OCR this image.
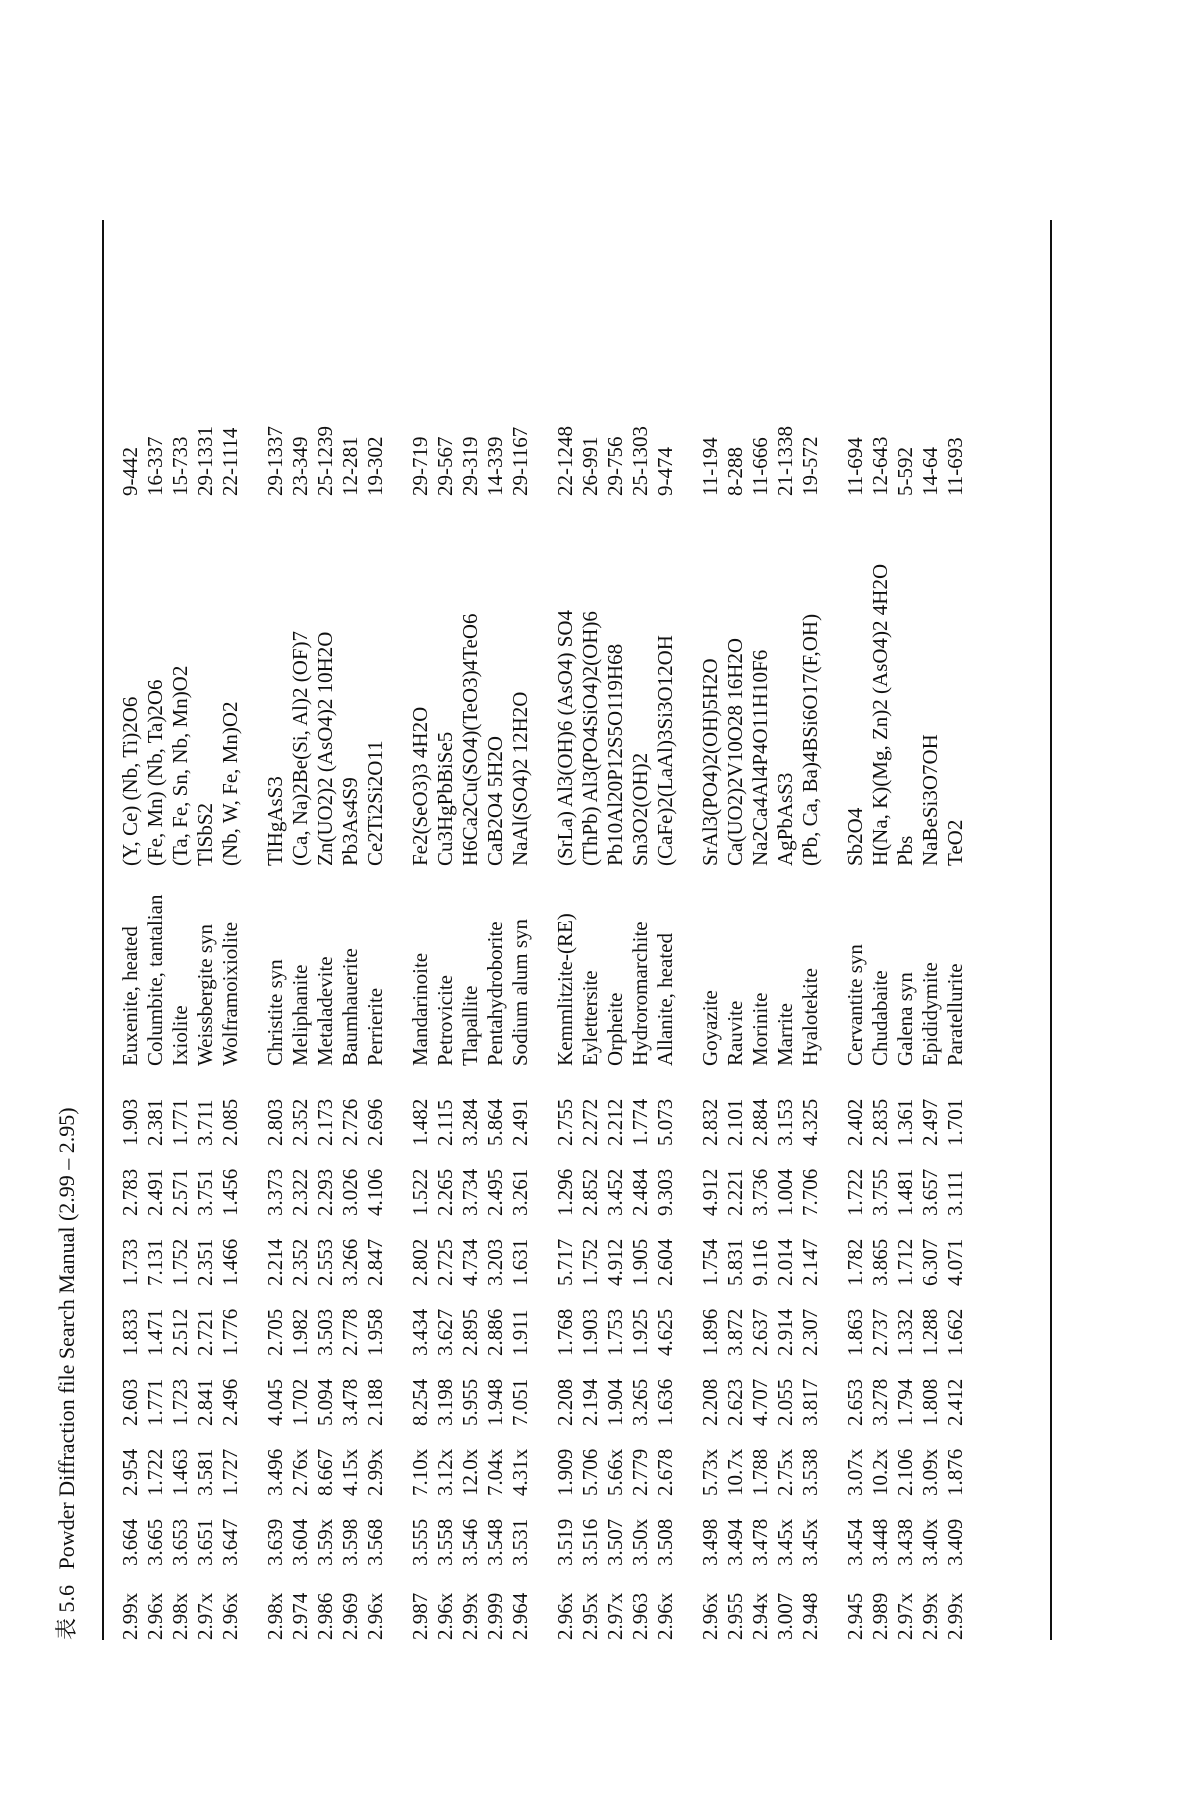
表 5.6 Powder Diffraction file Search Manual (2.99 – 2.95)
2.99x
3.664
2.954
2.603
1.833
1.733
2.783
1.903
Euxenite, heated
(Y, Ce) (Nb, Ti)2O6
9-442
2.96x
3.665
1.722
1.771
1.471
7.131
2.491
2.381
Columbite, tantalian
(Fe, Mn) (Nb, Ta)2O6
16-337
2.98x
3.653
1.463
1.723
2.512
1.752
2.571
1.771
Ixiolite
(Ta, Fe, Sn, Nb, Mn)O2
15-733
2.97x
3.651
3.581
2.841
2.721
2.351
3.751
3.711
Weissbergite syn
TlSbS2
29-1331
2.96x
3.647
1.727
2.496
1.776
1.466
1.456
2.085
Wolframoixiolite
(Nb, W, Fe, Mn)O2
22-1114
2.98x
3.639
3.496
4.045
2.705
2.214
3.373
2.803
Christite syn
TlHgAsS3
29-1337
2.974
3.604
2.76x
1.702
1.982
2.352
2.322
2.352
Meliphanite
(Ca, Na)2Be(Si, Al)2 (OF)7
23-349
2.986
3.59x
8.667
5.094
3.503
2.553
2.293
2.173
Metaladevite
Zn(UO2)2 (AsO4)2 10H2O
25-1239
2.969
3.598
4.15x
3.478
2.778
3.266
3.026
2.726
Baumhauerite
Pb3As4S9
12-281
2.96x
3.568
2.99x
2.188
1.958
2.847
4.106
2.696
Perrierite
Ce2Ti2Si2O11
19-302
2.987
3.555
7.10x
8.254
3.434
2.802
1.522
1.482
Mandarinoite
Fe2(SeO3)3 4H2O
29-719
2.96x
3.558
3.12x
3.198
3.627
2.725
2.265
2.115
Petrovicite
Cu3HgPbBiSe5
29-567
2.99x
3.546
12.0x
5.955
2.895
4.734
3.734
3.284
Tlapallite
H6Ca2Cu(SO4)(TeO3)4TeO6
29-319
2.999
3.548
7.04x
1.948
2.886
3.203
2.495
5.864
Pentahydroborite
CaB2O4 5H2O
14-339
2.964
3.531
4.31x
7.051
1.911
1.631
3.261
2.491
Sodium alum syn
NaAl(SO4)2 12H2O
29-1167
2.96x
3.519
1.909
2.208
1.768
5.717
1.296
2.755
Kemmlitzite-(RE)
(SrLa) Al3(OH)6 (AsO4) SO4
22-1248
2.95x
3.516
5.706
2.194
1.903
1.752
2.852
2.272
Eylettersite
(ThPb) Al3(PO4SiO4)2(OH)6
26-991
2.97x
3.507
5.66x
1.904
1.753
4.912
3.452
2.212
Orpheite
Pb10Al20P12S5O119H68
29-756
2.963
3.50x
2.779
3.265
1.925
1.905
2.484
1.774
Hydroromarchite
Sn3O2(OH)2
25-1303
2.96x
3.508
2.678
1.636
4.625
2.604
9.303
5.073
Allanite, heated
(CaFe)2(LaAl)3Si3O12OH
9-474
2.96x
3.498
5.73x
2.208
1.896
1.754
4.912
2.832
Goyazite
SrAl3(PO4)2(OH)5H2O
11-194
2.955
3.494
10.7x
2.623
3.872
5.831
2.221
2.101
Rauvite
Ca(UO2)2V10O28 16H2O
8-288
2.94x
3.478
1.788
4.707
2.637
9.116
3.736
2.884
Morinite
Na2Ca4Al4P4O11H10F6
11-666
3.007
3.45x
2.75x
2.055
2.914
2.014
1.004
3.153
Marrite
AgPbAsS3
21-1338
2.948
3.45x
3.538
3.817
2.307
2.147
7.706
4.325
Hyalotekite
(Pb, Ca, Ba)4BSi6O17(F,OH)
19-572
2.945
3.454
3.07x
2.653
1.863
1.782
1.722
2.402
Cervantite syn
Sb2O4
11-694
2.989
3.448
10.2x
3.278
2.737
3.865
3.755
2.835
Chudabaite
H(Na, K)(Mg, Zn)2 (AsO4)2 4H2O
12-643
2.97x
3.438
2.106
1.794
1.332
1.712
1.481
1.361
Galena syn
Pbs
5-592
2.99x
3.40x
3.09x
1.808
1.288
6.307
3.657
2.497
Epididymite
NaBeSi3O7OH
14-64
2.99x
3.409
1.876
2.412
1.662
4.071
3.111
1.701
Paratellurite
TeO2
11-693
